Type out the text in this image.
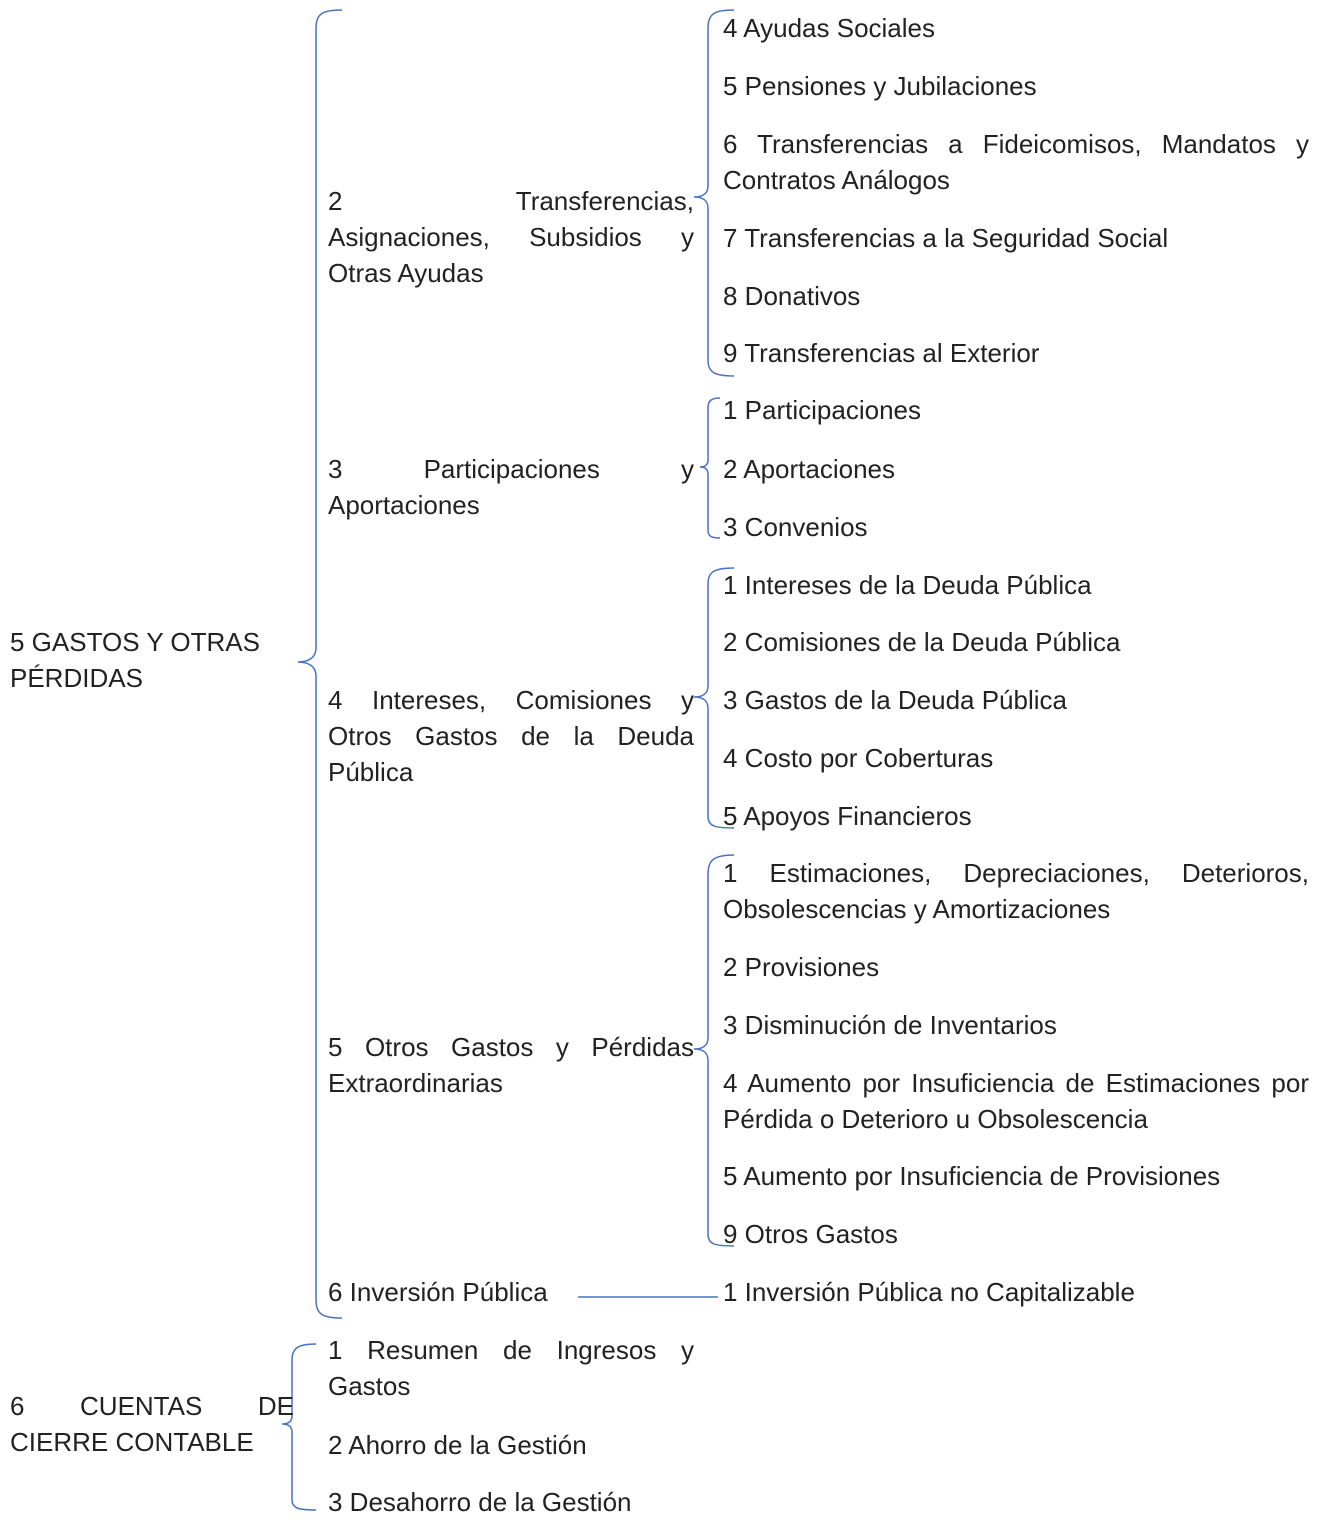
5 GASTOS Y OTRAS PÉRDIDAS
6 CUENTAS DE CIERRE CONTABLE
2 Transferencias, Asignaciones, Subsidios y Otras Ayudas
3 Participaciones y Aportaciones
4 Intereses, Comisiones y Otros Gastos de la Deuda Pública
5 Otros Gastos y Pérdidas Extraordinarias
6 Inversión Pública
1 Resumen de Ingresos y Gastos
2 Ahorro de la Gestión
3 Desahorro de la Gestión
4 Ayudas Sociales
5 Pensiones y Jubilaciones
6 Transferencias a Fideicomisos, Mandatos y Contratos Análogos
7 Transferencias a la Seguridad Social
8 Donativos
9 Transferencias al Exterior
1 Participaciones
2 Aportaciones
3 Convenios
1 Intereses de la Deuda Pública
2 Comisiones de la Deuda Pública
3 Gastos de la Deuda Pública
4 Costo por Coberturas
5 Apoyos Financieros
1 Estimaciones, Depreciaciones, Deterioros, Obsolescencias y Amortizaciones
2 Provisiones
3 Disminución de Inventarios
4 Aumento por Insuficiencia de Estimaciones por Pérdida o Deterioro u Obsolescencia
5 Aumento por Insuficiencia de Provisiones
9 Otros Gastos
1 Inversión Pública no Capitalizable
